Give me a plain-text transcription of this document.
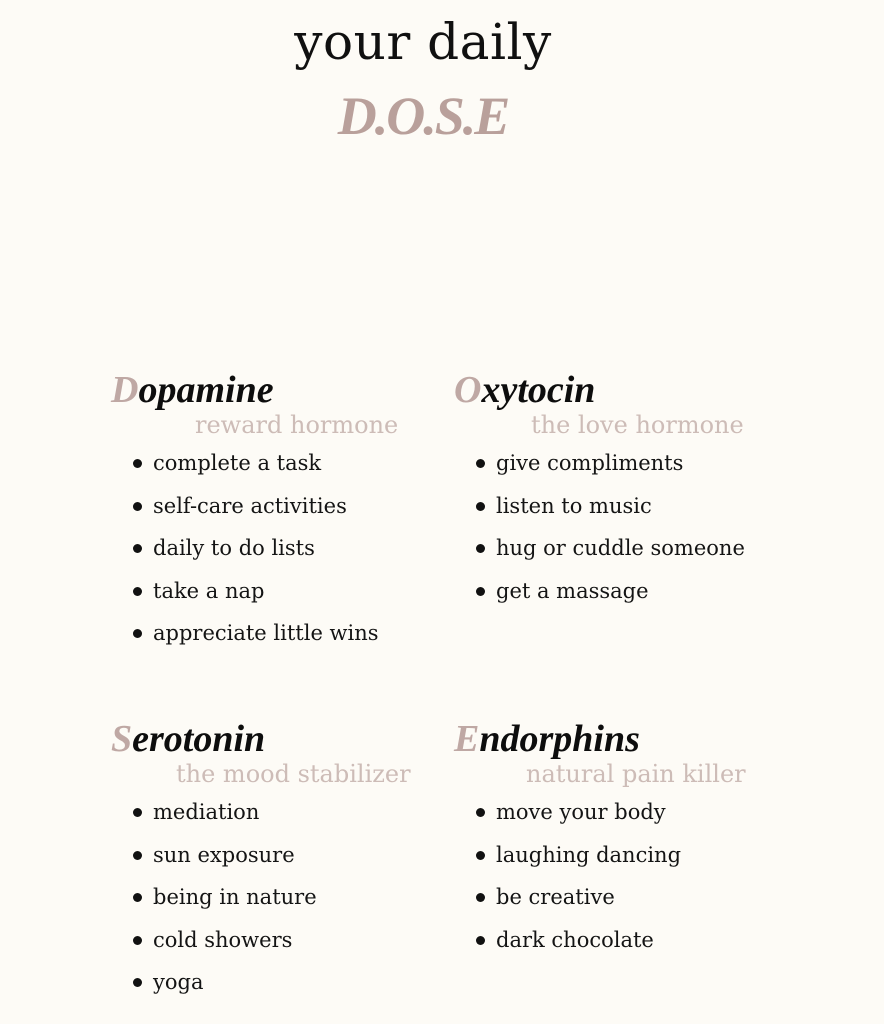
your daily
D.O.S.E
Dopamine
reward hormone
complete a task
self-care activities
daily to do lists
take a nap
appreciate little wins
Oxytocin
the love hormone
give compliments
listen to music
hug or cuddle someone
get a massage
Serotonin
the mood stabilizer
mediation
sun exposure
being in nature
cold showers
yoga
Endorphins
natural pain killer
move your body
laughing dancing
be creative
dark chocolate
